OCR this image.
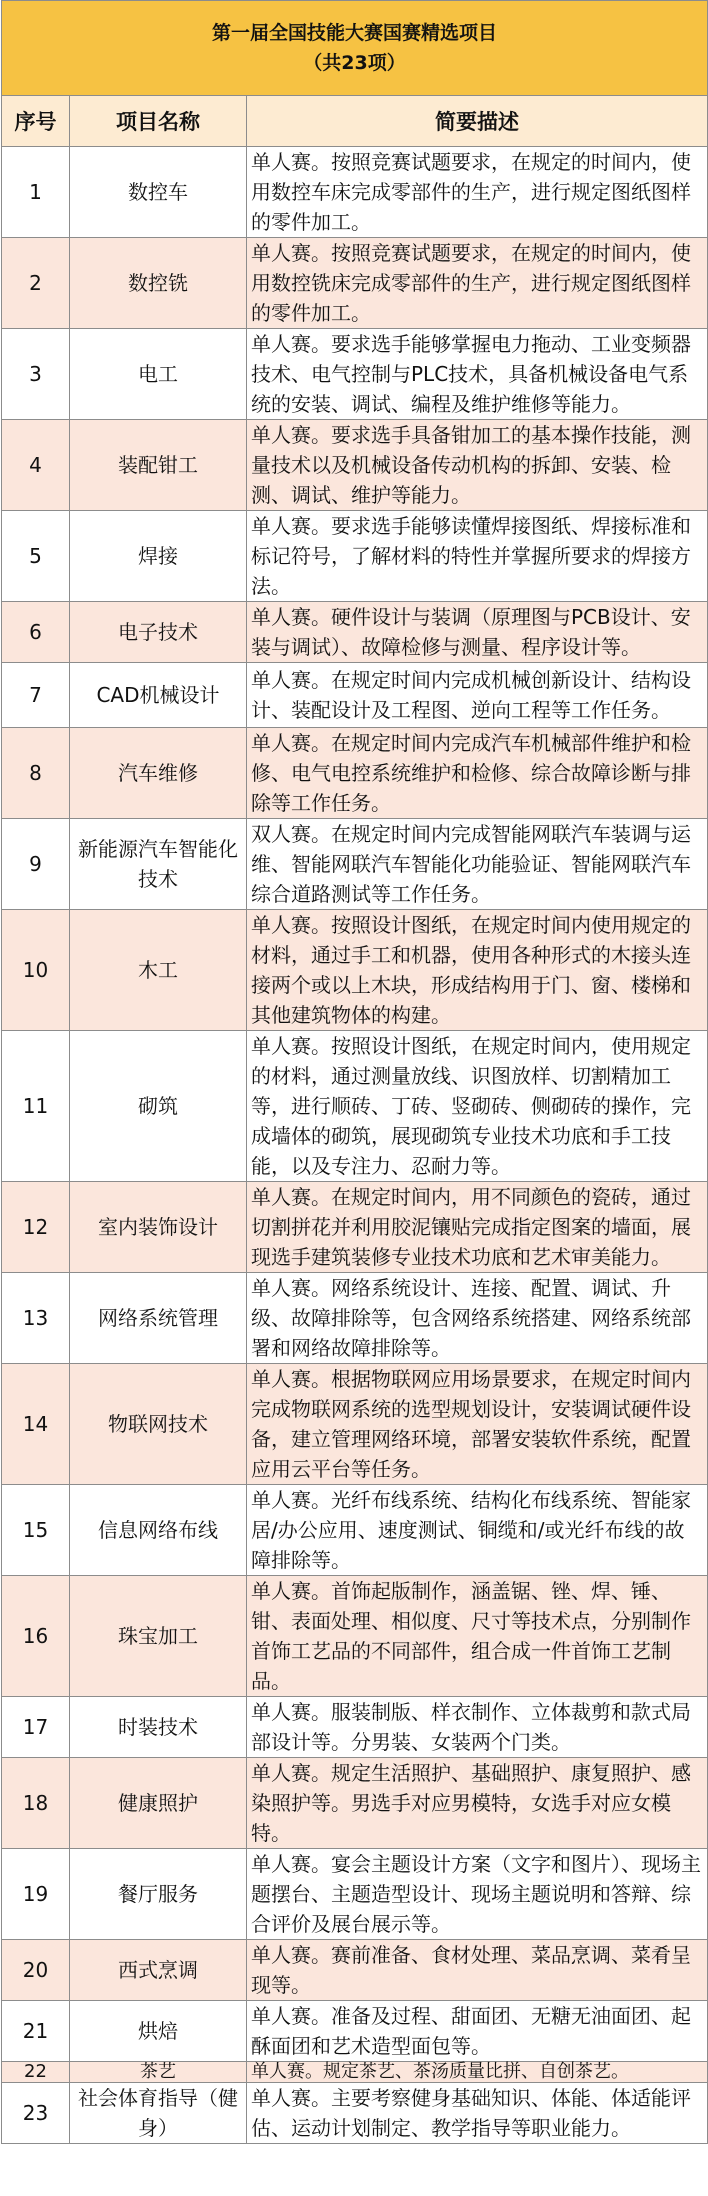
第一届全国技能大赛国赛精选项目
（共23项）		

序号	项目名称	简要描述
1	数控车	单人赛。按照竞赛试题要求，在规定的时间内，使用数控车床完成零部件的生产，进行规定图纸图样的零件加工。
2	数控铣	单人赛。按照竞赛试题要求，在规定的时间内，使用数控铣床完成零部件的生产，进行规定图纸图样的零件加工。
3	电工	单人赛。要求选手能够掌握电力拖动、工业变频器技术、电气控制与PLC技术，具备机械设备电气系统的安装、调试、编程及维护维修等能力。
4	装配钳工	单人赛。要求选手具备钳加工的基本操作技能，测量技术以及机械设备传动机构的拆卸、安装、检测、调试、维护等能力。
5	焊接	单人赛。要求选手能够读懂焊接图纸、焊接标准和标记符号，了解材料的特性并掌握所要求的焊接方法。
6	电子技术	单人赛。硬件设计与装调（原理图与PCB设计、安装与调试）、故障检修与测量、程序设计等。
7	CAD机械设计	单人赛。在规定时间内完成机械创新设计、结构设计、装配设计及工程图、逆向工程等工作任务。
8	汽车维修	单人赛。在规定时间内完成汽车机械部件维护和检修、电气电控系统维护和检修、综合故障诊断与排除等工作任务。
9	新能源汽车智能化技术	双人赛。在规定时间内完成智能网联汽车装调与运维、智能网联汽车智能化功能验证、智能网联汽车综合道路测试等工作任务。
10	木工	单人赛。按照设计图纸，在规定时间内使用规定的材料，通过手工和机器，使用各种形式的木接头连接两个或以上木块，形成结构用于门、窗、楼梯和其他建筑物体的构建。
11	砌筑	单人赛。按照设计图纸，在规定时间内，使用规定的材料，通过测量放线、识图放样、切割精加工等，进行顺砖、丁砖、竖砌砖、侧砌砖的操作，完成墙体的砌筑，展现砌筑专业技术功底和手工技能，以及专注力、忍耐力等。
12	室内装饰设计	单人赛。在规定时间内，用不同颜色的瓷砖，通过切割拼花并利用胶泥镶贴完成指定图案的墙面，展现选手建筑装修专业技术功底和艺术审美能力。
13	网络系统管理	单人赛。网络系统设计、连接、配置、调试、升级、故障排除等，包含网络系统搭建、网络系统部署和网络故障排除等。
14	物联网技术	单人赛。根据物联网应用场景要求，在规定时间内完成物联网系统的选型规划设计，安装调试硬件设备，建立管理网络环境，部署安装软件系统，配置应用云平台等任务。
15	信息网络布线	单人赛。光纤布线系统、结构化布线系统、智能家居/办公应用、速度测试、铜缆和/或光纤布线的故障排除等。
16	珠宝加工	单人赛。首饰起版制作，涵盖锯、锉、焊、锤、钳、表面处理、相似度、尺寸等技术点，分别制作首饰工艺品的不同部件，组合成一件首饰工艺制品。
17	时装技术	单人赛。服装制版、样衣制作、立体裁剪和款式局部设计等。分男装、女装两个门类。
18	健康照护	单人赛。规定生活照护、基础照护、康复照护、感染照护等。男选手对应男模特，女选手对应女模特。
19	餐厅服务	单人赛。宴会主题设计方案（文字和图片）、现场主题摆台、主题造型设计、现场主题说明和答辩、综合评价及展台展示等。
20	西式烹调	单人赛。赛前准备、食材处理、菜品烹调、菜肴呈现等。
21	烘焙	单人赛。准备及过程、甜面团、无糖无油面团、起酥面团和艺术造型面包等。
22	茶艺	单人赛。规定茶艺、茶汤质量比拼、自创茶艺。
23	社会体育指导（健身）	单人赛。主要考察健身基础知识、体能、体适能评估、运动计划制定、教学指导等职业能力。
